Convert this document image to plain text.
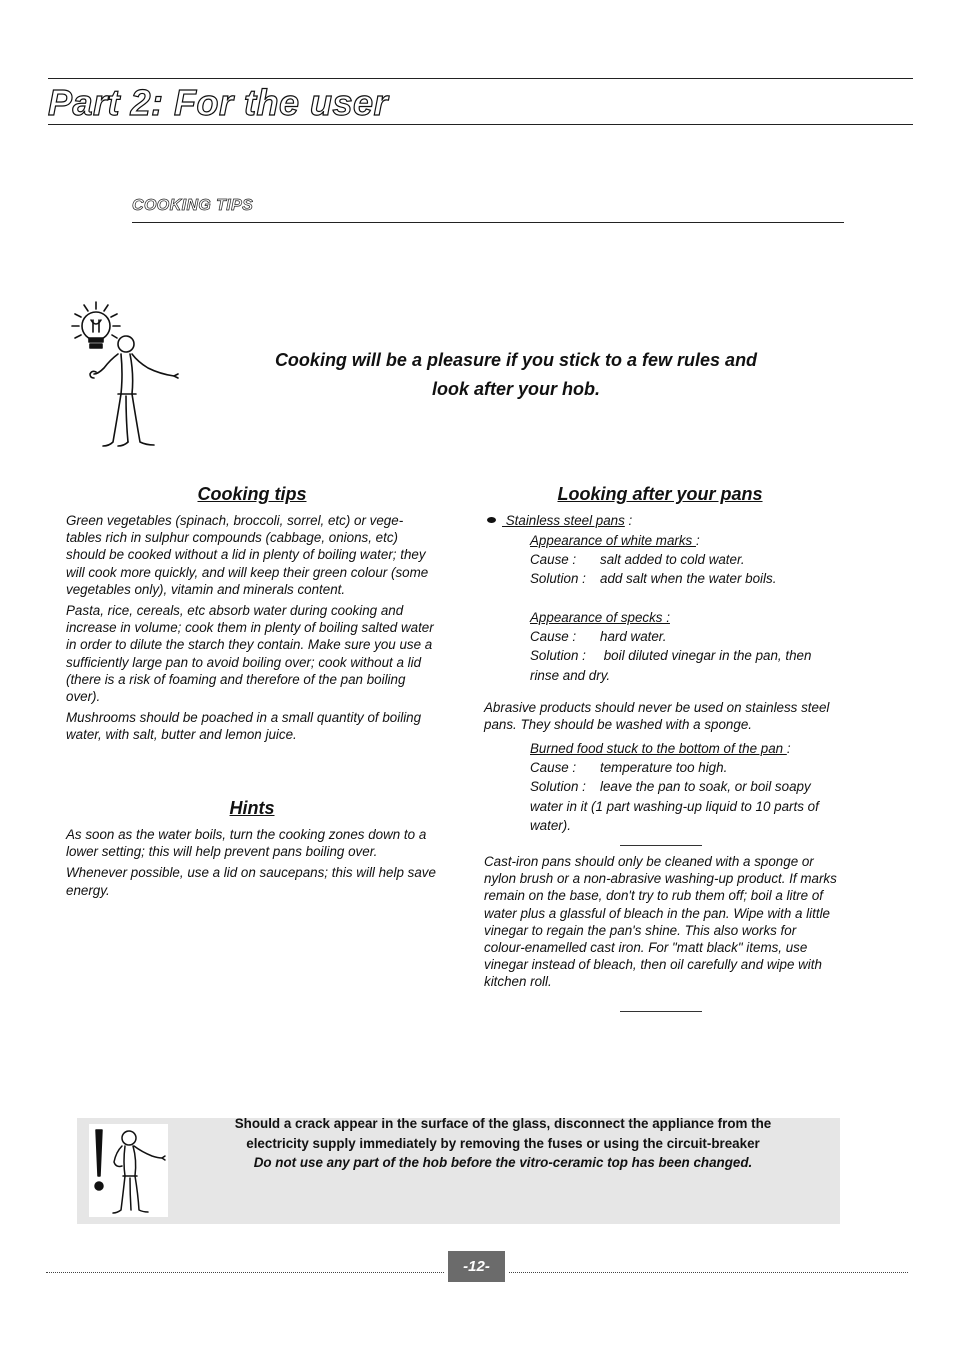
Part 2: For the user
COOKING TIPS
Cooking will be a pleasure if you stick to a few rules and
look after your hob.
Cooking tips

Green vegetables (spinach, broccoli, sorrel, etc) or vege-tables rich in sulphur compounds (cabbage, onions, etc) should be cooked without a lid in plenty of boiling water; they will cook more quickly, and will keep their green colour (some vegetables only), vitamin and minerals content.

Pasta, rice, cereals, etc absorb water during cooking and increase in volume; cook them in plenty of boiling salted water in order to dilute the starch they contain. Make sure you use a sufficiently large pan to avoid boiling over; cook without a lid (there is a risk of foaming and therefore of the pan boiling over).

Mushrooms should be poached in a small quantity of boiling water, with salt, butter and lemon juice.

Hints

As soon as the water boils, turn the cooking zones down to a lower setting; this will help prevent pans boiling over.

Whenever possible, use a lid on saucepans; this will help save energy.

Looking after your pans
Stainless steel pans :
Appearance of white marks :
Cause : salt added to cold water.
Solution : add salt when the water boils.
Appearance of specks :
Cause : hard water.
Solution : boil diluted vinegar in the pan, then
rinse and dry.
Abrasive products should never be used on stainless steel pans. They should be washed with a sponge.
Burned food stuck to the bottom of the pan :
Cause : temperature too high.
Solution : leave the pan to soak, or boil soapy
water in it (1 part washing-up liquid to 10 parts of
water).
Cast-iron pans should only be cleaned with a sponge or nylon brush or a non-abrasive washing-up product. If marks remain on the base, don't try to rub them off; boil a litre of water plus a glassful of bleach in the pan. Wipe with a little vinegar to regain the pan's shine. This also works for colour-enamelled cast iron. For "matt black" items, use vinegar instead of bleach, then oil carefully and wipe with kitchen roll.
Should a crack appear in the surface of the glass, disconnect the appliance from the
electricity supply immediately by removing the fuses or using the circuit-breaker
Do not use any part of the hob before the vitro-ceramic top has been changed.
-12-
